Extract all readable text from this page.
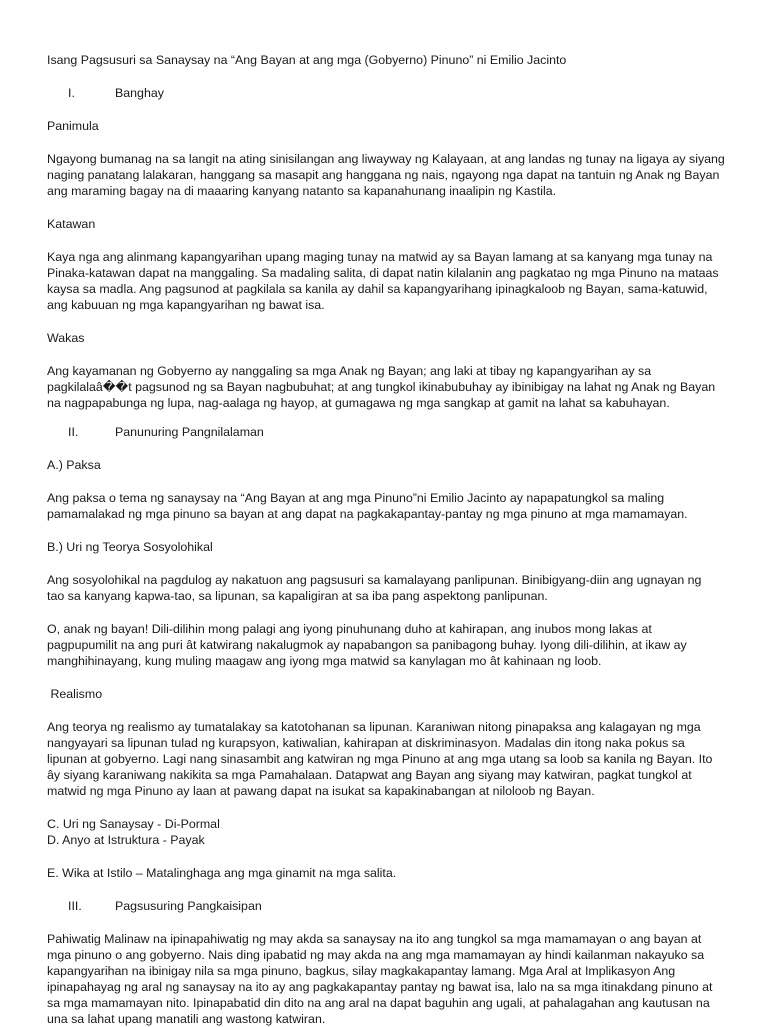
Isang Pagsusuri sa Sanaysay na “Ang Bayan at ang mga (Gobyerno) Pinuno” ni Emilio Jacinto
I.	Banghay
Panimula
Ngayong bumanag na sa langit na ating sinisilangan ang liwayway ng Kalayaan, at ang landas ng tunay na ligaya ay siyang
naging panatang lalakaran, hanggang sa masapit ang hangganа ng nais, ngayong nga dapat na tantuin ng Anak ng Bayan
ang maraming bagay na di maaaring kanyang natanto sa kapanahunang inaalipin ng Kastila.
Katawan
Kaya nga ang alinmang kapangyarihan upang maging tunay na matwid ay sa Bayan lamang at sa kanyang mga tunay na
Pinaka-katawan dapat na manggaling. Sa madaling salita, di dapat natin kilalanin ang pagkatao ng mga Pinuno na mataas
kaysa sa madla. Ang pagsunod at pagkilala sa kanila ay dahil sa kapangyarihang ipinagkaloob ng Bayan, sama-katuwid,
ang kabuuan ng mga kapangyarihan ng bawat isa.
Wakas
Ang kayamanan ng Gobyerno ay nanggaling sa mga Anak ng Bayan; ang laki at tibay ng kapangyarihan ay sa
pagkilalaâ��t pagsunod ng sa Bayan nagbubuhat; at ang tungkol ikinabubuhay ay ibinibigay na lahat ng Anak ng Bayan
na nagpapabunga ng lupa, nag-aalaga ng hayop, at gumagawa ng mga sangkap at gamit na lahat sa kabuhayan.
II.	Panunuring Pangnilalaman
A.) Paksa
Ang paksa o tema ng sanaysay na “Ang Bayan at ang mga Pinuno”ni Emilio Jacinto ay napapatungkol sa maling
pamamalakad ng mga pinuno sa bayan at ang dapat na pagkakapantay-pantay ng mga pinuno at mga mamamayan.
B.) Uri ng Teorya Sosyolohikal
Ang sosyolohikal na pagdulog ay nakatuon ang pagsusuri sa kamalayang panlipunan. Binibigyang-diin ang ugnayan ng
tao sa kanyang kapwa-tao, sa lipunan, sa kapaligiran at sa iba pang aspektong panlipunan.
O, anak ng bayan! Dili-dilihin mong palagi ang iyong pinuhunang duho at kahirapan, ang inubos mong lakas at
pagpupumilit na ang puri ât katwirang nakalugmok ay napabangon sa panibagong buhay. Iyong dili-dilihin, at ikaw ay
manghihinayang, kung muling maagaw ang iyong mga matwid sa kanylagan mo ât kahinaan ng loob.
Realismo
Ang teorya ng realismo ay tumatalakay sa katotohanan sa lipunan. Karaniwan nitong pinapaksa ang kalagayan ng mga
nangyayari sa lipunan tulad ng kurapsyon, katiwalian, kahirapan at diskriminasyon. Madalas din itong naka pokus sa
lipunan at gobyerno. Lagi nang sinasambit ang katwiran ng mga Pinuno at ang mga utang sa loob sa kanila ng Bayan. Ito
ây siyang karaniwang nakikita sa mga Pamahalaan. Datapwat ang Bayan ang siyang may katwiran, pagkat tungkol at
matwid ng mga Pinuno ay laan at pawang dapat na isukat sa kapakinabangan at niloloob ng Bayan.
C. Uri ng Sanaysay - Di-Pormal
D. Anyo at Istruktura - Payak
E. Wika at Istilo – Matalinghaga ang mga ginamit na mga salita.
III.	Pagsusuring Pangkaisipan
Pahiwatig Malinaw na ipinapahiwatig ng may akda sa sanaysay na ito ang tungkol sa mga mamamayan o ang bayan at
mga pinuno o ang gobyerno. Nais ding ipabatid ng may akda na ang mga mamamayan ay hindi kailanman nakayuko sa
kapangyarihan na ibinigay nila sa mga pinuno, bagkus, silay magkakapantay lamang. Mga Aral at Implikasyon Ang
ipinapahayag ng aral ng sanaysay na ito ay ang pagkakapantay pantay ng bawat isa, lalo na sa mga itinakdang pinuno at
sa mga mamamayan nito. Ipinapabatid din dito na ang aral na dapat baguhin ang ugali, at pahalagahan ang kautusan na
una sa lahat upang manatili ang wastong katwiran.
